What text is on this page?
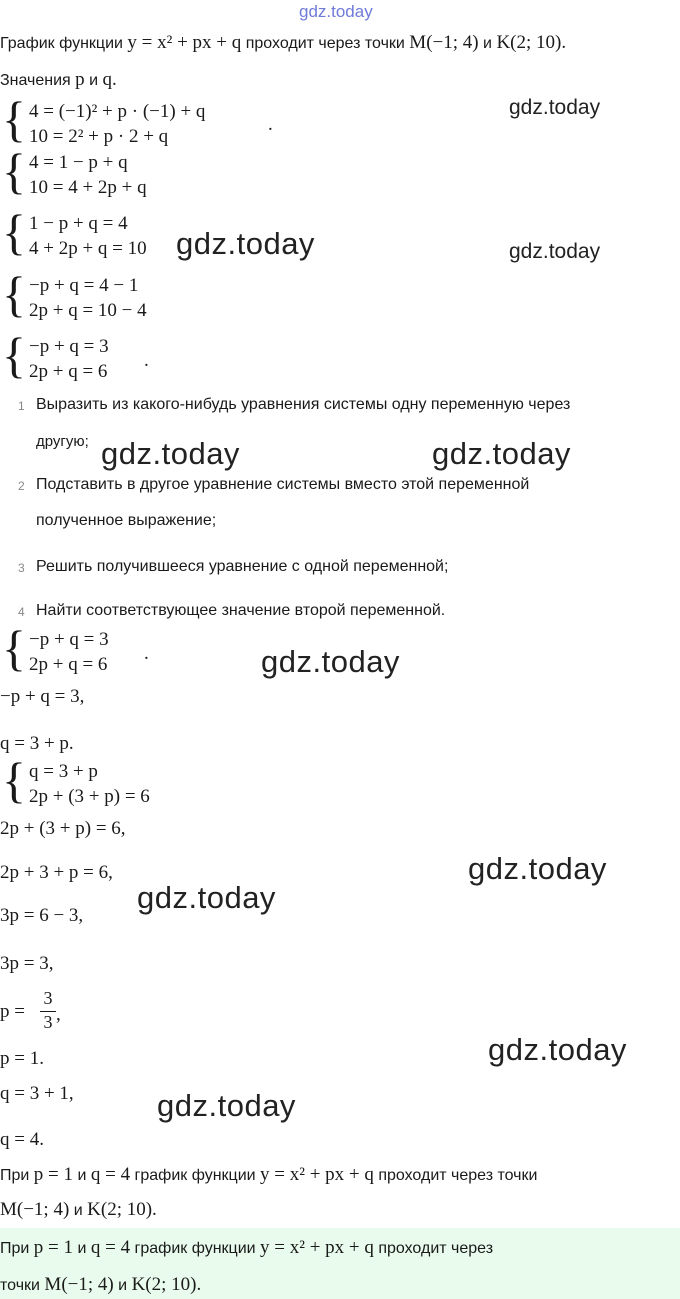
gdz.today
График функции y = x² + px + q проходит через точки M(−1; 4) и K(2; 10).
Значения p и q.
{ 4 = (−1)² + p · (−1) + q
10 = 2² + p · 2 + q
.
gdz.today
{ 4 = 1 − p + q
10 = 4 + 2p + q
{ 1 − p + q = 4
4 + 2p + q = 10 gdz.today	gdz.today
{ −p + q = 4 − 1
2p + q = 10 − 4
{ −p + q = 3
2p + q = 6
.
1 Выразить из какого-нибудь уравнения системы одну переменную через
другую; gdz.today	gdz.today
2 Подставить в другое уравнение системы вместо этой переменной
полученное выражение;
3 Решить получившееся уравнение с одной переменной;
4 Найти соответствующее значение второй переменной.
{ −p + q = 3
2p + q = 6
.	gdz.today
−p + q = 3,
q = 3 + p.
{ q = 3 + p
2p + (3 + p) = 6
2p + (3 + p) = 6,
2p + 3 + p = 6,	gdz.today
gdz.today
3p = 6 − 3,
3p = 3,
p =
3
3 ,
p = 1.	gdz.today
q = 3 + 1,	gdz.today
q = 4.
При p = 1 и q = 4 график функции y = x² + px + q проходит через точки
M(−1; 4) и K(2; 10).
При p = 1 и q = 4 график функции y = x² + px + q проходит через
точки M(−1; 4) и K(2; 10).
